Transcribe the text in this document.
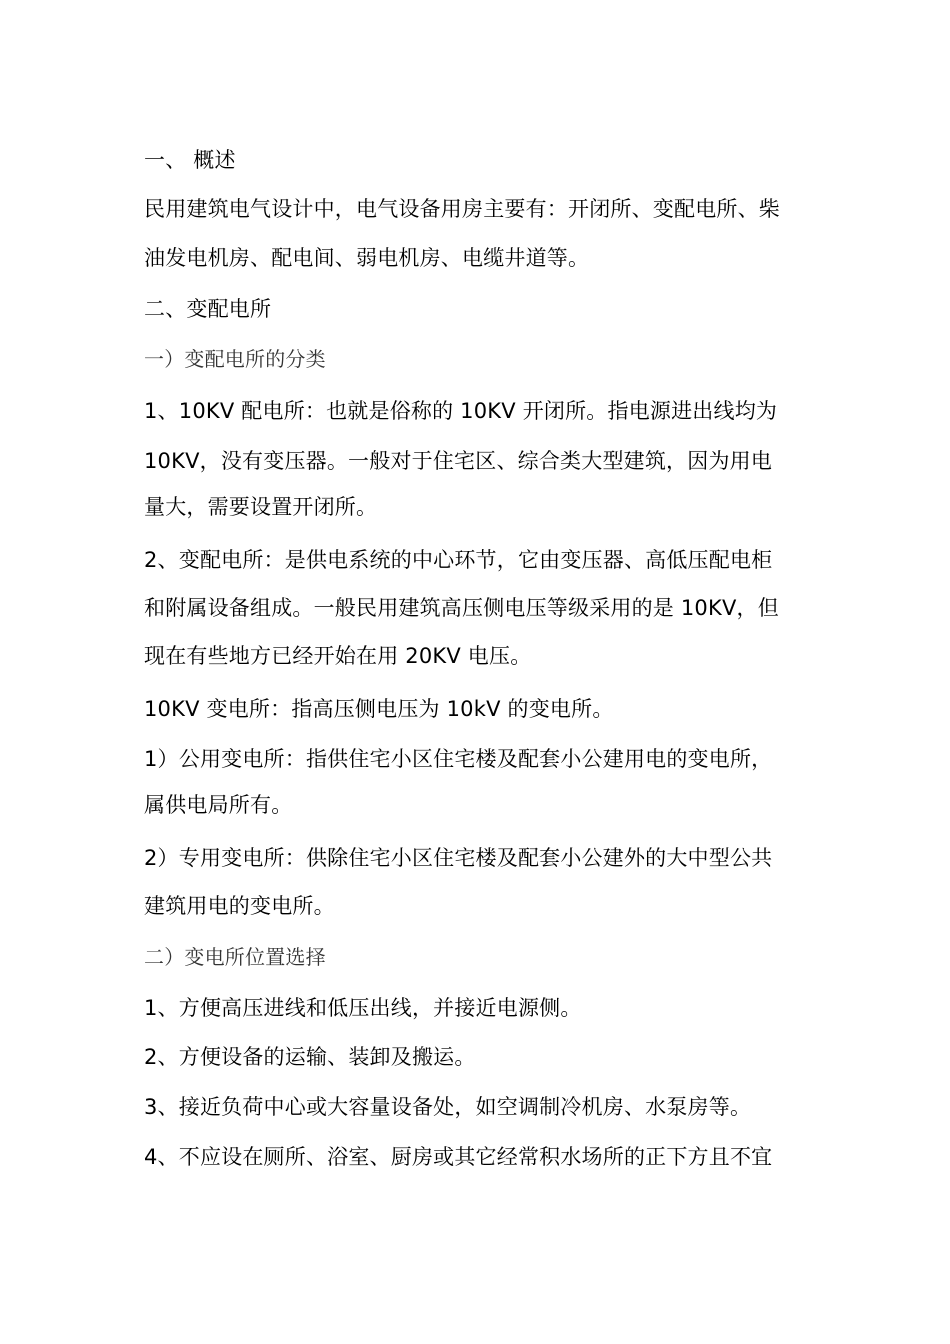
一、 概述
民用建筑电气设计中，电气设备用房主要有：开闭所、变配电所、柴
油发电机房、配电间、弱电机房、电缆井道等。
二、变配电所
一）变配电所的分类
1、10KV 配电所：也就是俗称的 10KV 开闭所。指电源进出线均为
10KV，没有变压器。一般对于住宅区、综合类大型建筑，因为用电
量大，需要设置开闭所。
2、变配电所：是供电系统的中心环节，它由变压器、高低压配电柜
和附属设备组成。一般民用建筑高压侧电压等级采用的是 10KV，但
现在有些地方已经开始在用 20KV 电压。
10KV 变电所：指高压侧电压为 10kV 的变电所。
1）公用变电所：指供住宅小区住宅楼及配套小公建用电的变电所，
属供电局所有。
2）专用变电所：供除住宅小区住宅楼及配套小公建外的大中型公共
建筑用电的变电所。
二）变电所位置选择
1、方便高压进线和低压出线，并接近电源侧。
2、方便设备的运输、装卸及搬运。
3、接近负荷中心或大容量设备处，如空调制冷机房、水泵房等。
4、不应设在厕所、浴室、厨房或其它经常积水场所的正下方且不宜
